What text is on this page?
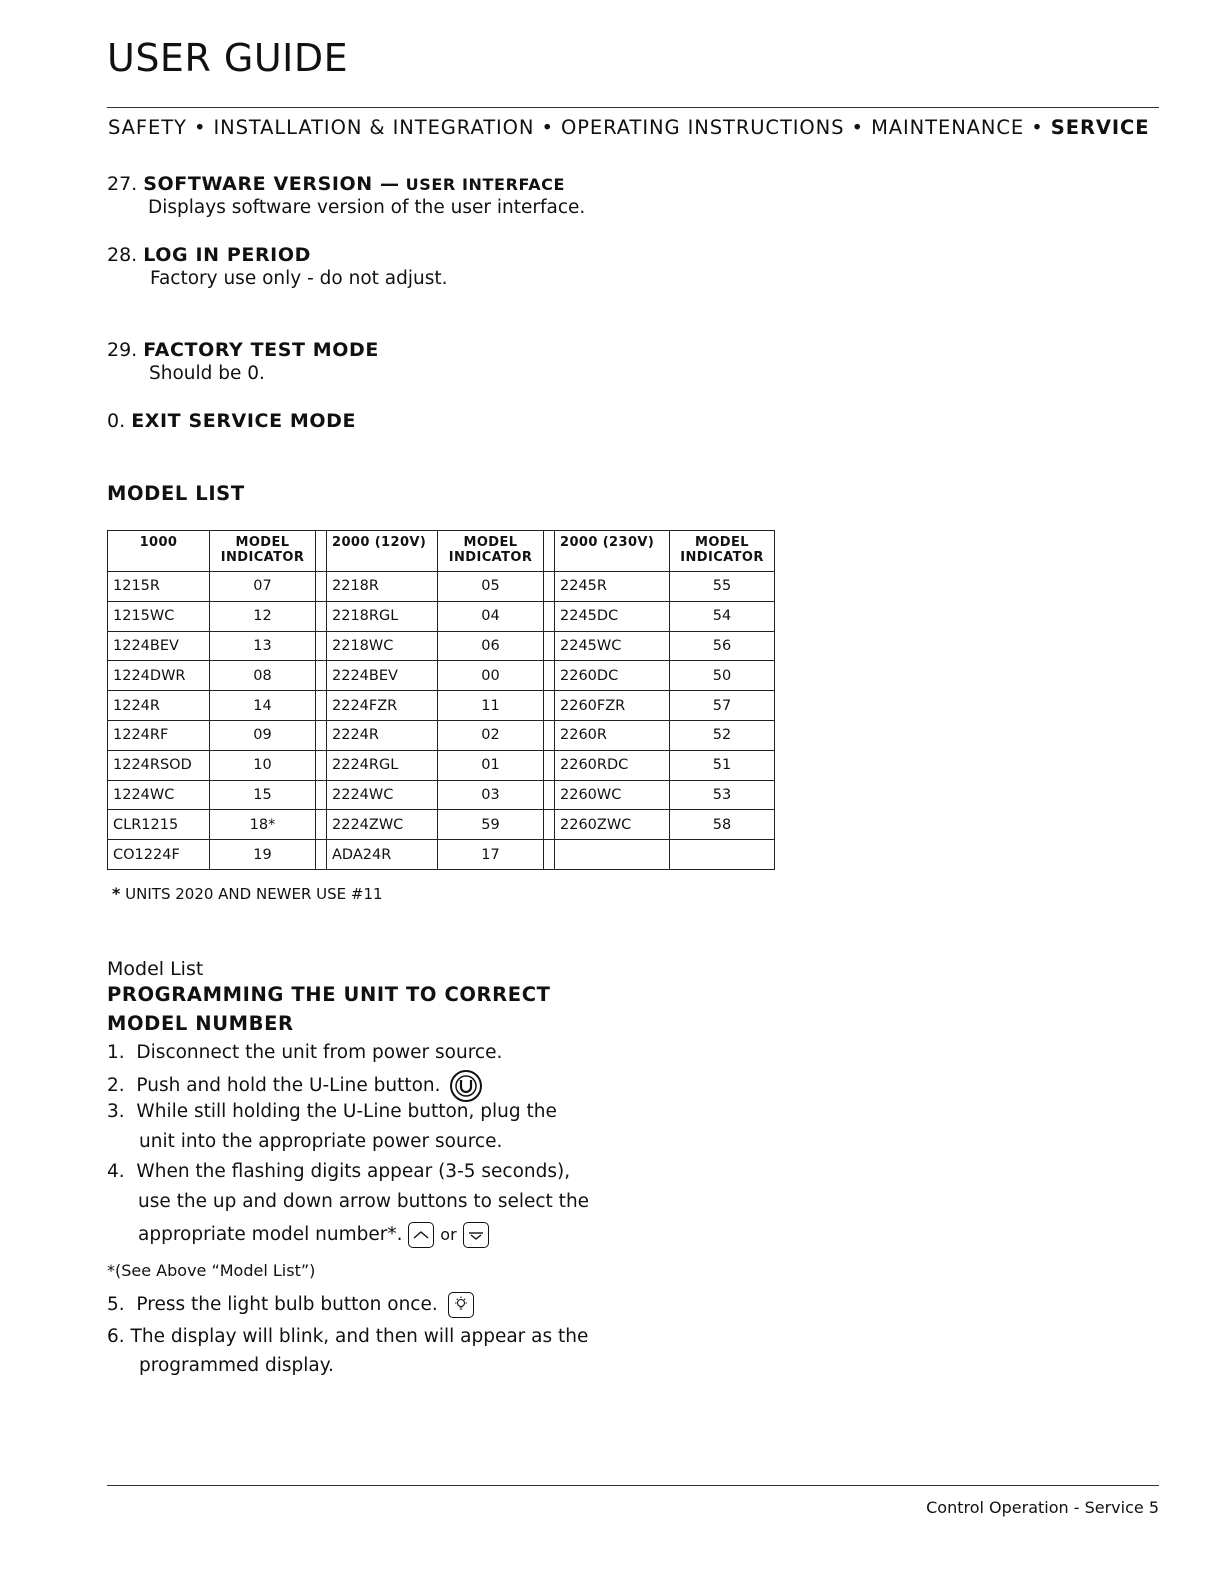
USER GUIDE
SAFETY • INSTALLATION & INTEGRATION • OPERATING INSTRUCTIONS • MAINTENANCE • SERVICE
27. SOFTWARE VERSION — USER INTERFACE
Displays software version of the user interface.
28. LOG IN PERIOD
Factory use only - do not adjust.
29. FACTORY TEST MODE
Should be 0.
0. EXIT SERVICE MODE
MODEL LIST
1000	MODEL INDICATOR		2000 (120V)	MODEL INDICATOR		2000 (230V)	MODEL INDICATOR
1215R	07		2218R	05		2245R	55
1215WC	12		2218RGL	04		2245DC	54
1224BEV	13		2218WC	06		2245WC	56
1224DWR	08		2224BEV	00		2260DC	50
1224R	14		2224FZR	11		2260FZR	57
1224RF	09		2224R	02		2260R	52
1224RSOD	10		2224RGL	01		2260RDC	51
1224WC	15		2224WC	03		2260WC	53
CLR1215	18*		2224ZWC	59		2260ZWC	58
CO1224F	19		ADA24R	17			
* UNITS 2020 AND NEWER USE #11
Model List
PROGRAMMING THE UNIT TO CORRECT
MODEL NUMBER
1. Disconnect the unit from power source.
2. Push and hold the U-Line button.
3. While still holding the U-Line button, plug the
unit into the appropriate power source.
4. When the flashing digits appear (3-5 seconds),
use the up and down arrow buttons to select the
appropriate model number*. or
*(See Above “Model List”)
5. Press the light bulb button once.
6. The display will blink, and then will appear as the
programmed display.
Control Operation - Service 5
